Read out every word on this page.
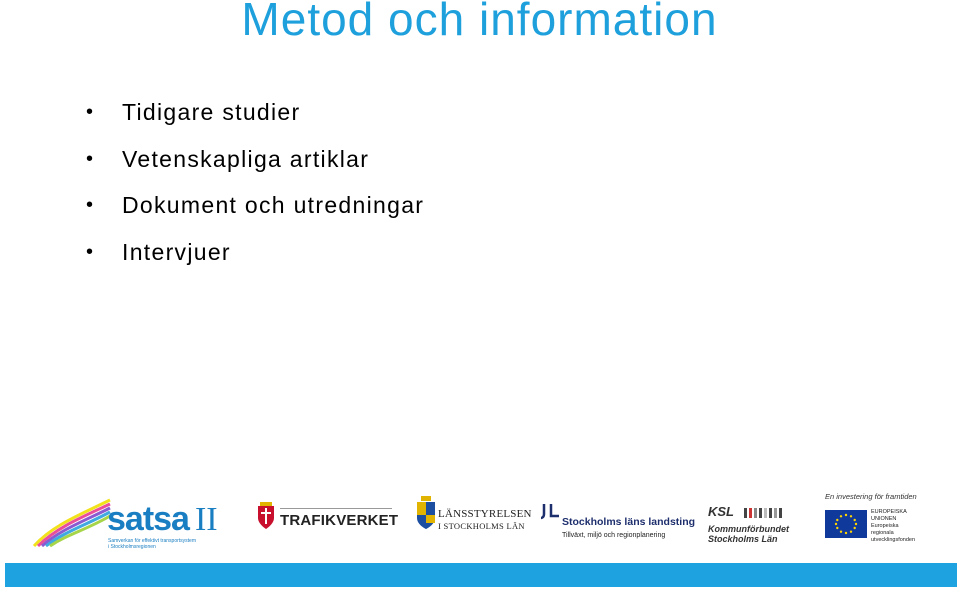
Metod och information
• Tidigare studier
• Vetenskapliga artiklar
• Dokument och utredningar
• Intervjuer
satsa II
Samverkan för effektivt transportsystem
i Stockholmsregionen
TRAFIKVERKET	LÄNSSTYRELSEN
I STOCKHOLMS LÄN	Stockholms läns landsting
Tillväxt, miljö och regionplanering
KSL
Kommunförbundet
Stockholms Län
En investering för framtiden
EUROPEISKA
UNIONEN
Europeiska
regionala
utvecklingsfonden
